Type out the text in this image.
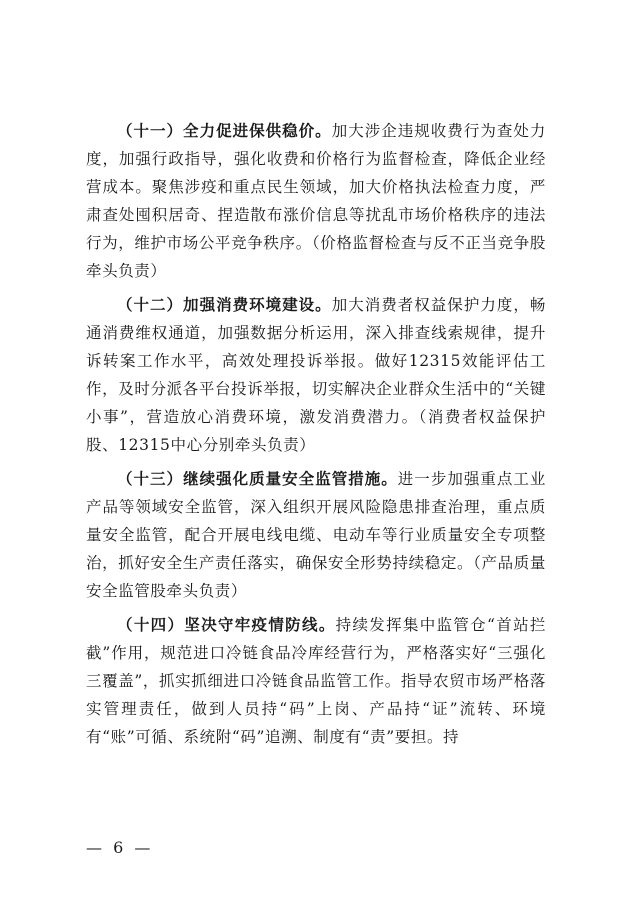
（十一）全力促进保供稳价。加大涉企违规收费行为查处力度，加强行政指导，强化收费和价格行为监督检查，降低企业经营成本。聚焦涉疫和重点民生领域，加大价格执法检查力度，严肃查处囤积居奇、捏造散布涨价信息等扰乱市场价格秩序的违法行为，维护市场公平竞争秩序。（价格监督检查与反不正当竞争股牵头负责）

（十二）加强消费环境建设。加大消费者权益保护力度，畅通消费维权通道，加强数据分析运用，深入排查线索规律，提升诉转案工作水平，高效处理投诉举报。做好12315效能评估工作，及时分派各平台投诉举报，切实解决企业群众生活中的“关键小事”，营造放心消费环境，激发消费潜力。（消费者权益保护股、12315中心分别牵头负责）

（十三）继续强化质量安全监管措施。进一步加强重点工业产品等领域安全监管，深入组织开展风险隐患排查治理，重点质量安全监管，配合开展电线电缆、电动车等行业质量安全专项整治，抓好安全生产责任落实，确保安全形势持续稳定。（产品质量安全监管股牵头负责）

（十四）坚决守牢疫情防线。持续发挥集中监管仓“首站拦截”作用，规范进口冷链食品冷库经营行为，严格落实好“三强化三覆盖”，抓实抓细进口冷链食品监管工作。指导农贸市场严格落实管理责任，做到人员持“码”上岗、产品持“证”流转、环境有“账”可循、系统附“码”追溯、制度有“责”要担。持

— 6 —
